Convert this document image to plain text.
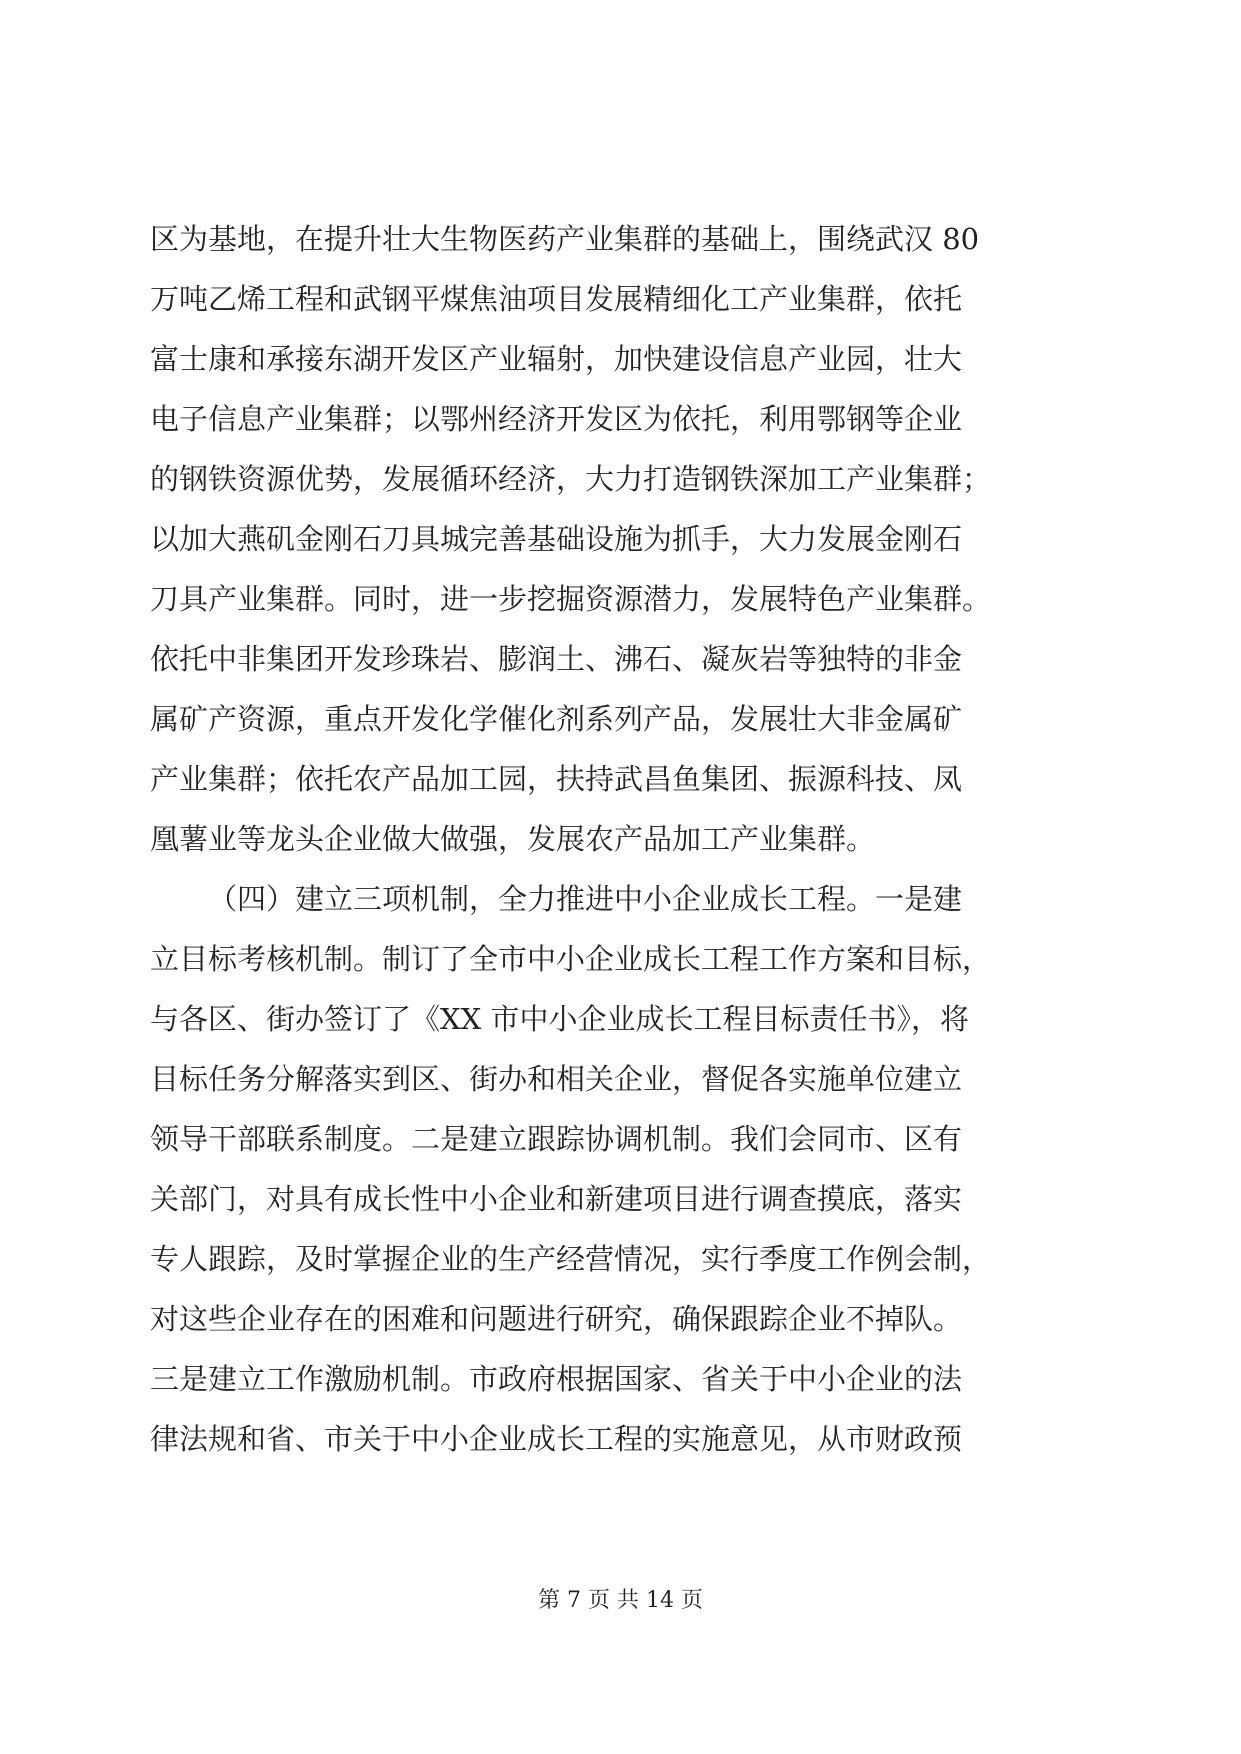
区为基地，在提升壮大生物医药产业集群的基础上，围绕武汉 80
万吨乙烯工程和武钢平煤焦油项目发展精细化工产业集群，依托
富士康和承接东湖开发区产业辐射，加快建设信息产业园，壮大
电子信息产业集群；以鄂州经济开发区为依托，利用鄂钢等企业
的钢铁资源优势，发展循环经济，大力打造钢铁深加工产业集群；
以加大燕矶金刚石刀具城完善基础设施为抓手，大力发展金刚石
刀具产业集群。同时，进一步挖掘资源潜力，发展特色产业集群。
依托中非集团开发珍珠岩、膨润土、沸石、凝灰岩等独特的非金
属矿产资源，重点开发化学催化剂系列产品，发展壮大非金属矿
产业集群；依托农产品加工园，扶持武昌鱼集团、振源科技、凤
凰薯业等龙头企业做大做强，发展农产品加工产业集群。
（四）建立三项机制，全力推进中小企业成长工程。一是建
立目标考核机制。制订了全市中小企业成长工程工作方案和目标，
与各区、街办签订了《XX 市中小企业成长工程目标责任书》，将
目标任务分解落实到区、街办和相关企业，督促各实施单位建立
领导干部联系制度。二是建立跟踪协调机制。我们会同市、区有
关部门，对具有成长性中小企业和新建项目进行调查摸底，落实
专人跟踪，及时掌握企业的生产经营情况，实行季度工作例会制，
对这些企业存在的困难和问题进行研究，确保跟踪企业不掉队。
三是建立工作激励机制。市政府根据国家、省关于中小企业的法
律法规和省、市关于中小企业成长工程的实施意见，从市财政预
第 7 页 共 14 页
